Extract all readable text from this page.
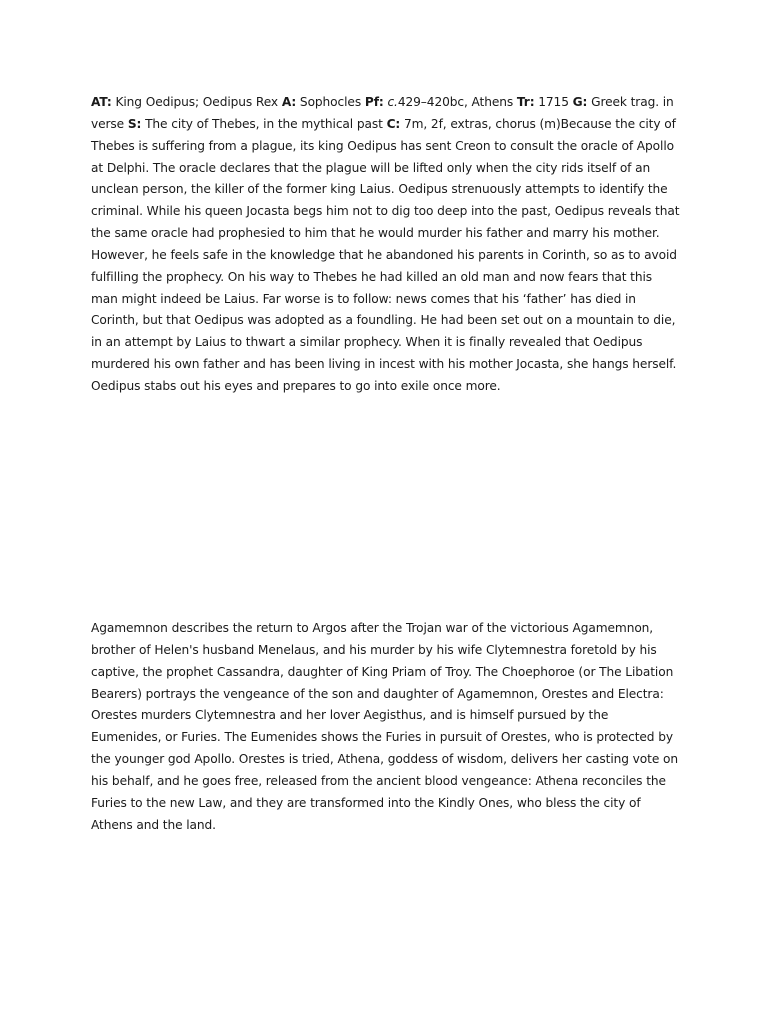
AT: King Oedipus; Oedipus Rex A: Sophocles Pf: c.429–420bc, Athens Tr: 1715 G: Greek trag. in verse S: The city of Thebes, in the mythical past C: 7m, 2f, extras, chorus (m)Because the city of Thebes is suffering from a plague, its king Oedipus has sent Creon to consult the oracle of Apollo at Delphi. The oracle declares that the plague will be lifted only when the city rids itself of an unclean person, the killer of the former king Laius. Oedipus strenuously attempts to identify the criminal. While his queen Jocasta begs him not to dig too deep into the past, Oedipus reveals that the same oracle had prophesied to him that he would murder his father and marry his mother. However, he feels safe in the knowledge that he abandoned his parents in Corinth, so as to avoid fulfilling the prophecy. On his way to Thebes he had killed an old man and now fears that this man might indeed be Laius. Far worse is to follow: news comes that his ‘father’ has died in Corinth, but that Oedipus was adopted as a foundling. He had been set out on a mountain to die, in an attempt by Laius to thwart a similar prophecy. When it is finally revealed that Oedipus murdered his own father and has been living in incest with his mother Jocasta, she hangs herself. Oedipus stabs out his eyes and prepares to go into exile once more.

Agamemnon describes the return to Argos after the Trojan war of the victorious Agamemnon, brother of Helen's husband Menelaus, and his murder by his wife Clytemnestra foretold by his captive, the prophet Cassandra, daughter of King Priam of Troy. The Choephoroe (or The Libation Bearers) portrays the vengeance of the son and daughter of Agamemnon, Orestes and Electra: Orestes murders Clytemnestra and her lover Aegisthus, and is himself pursued by the Eumenides, or Furies. The Eumenides shows the Furies in pursuit of Orestes, who is protected by the younger god Apollo. Orestes is tried, Athena, goddess of wisdom, delivers her casting vote on his behalf, and he goes free, released from the ancient blood vengeance: Athena reconciles the Furies to the new Law, and they are transformed into the Kindly Ones, who bless the city of Athens and the land.
